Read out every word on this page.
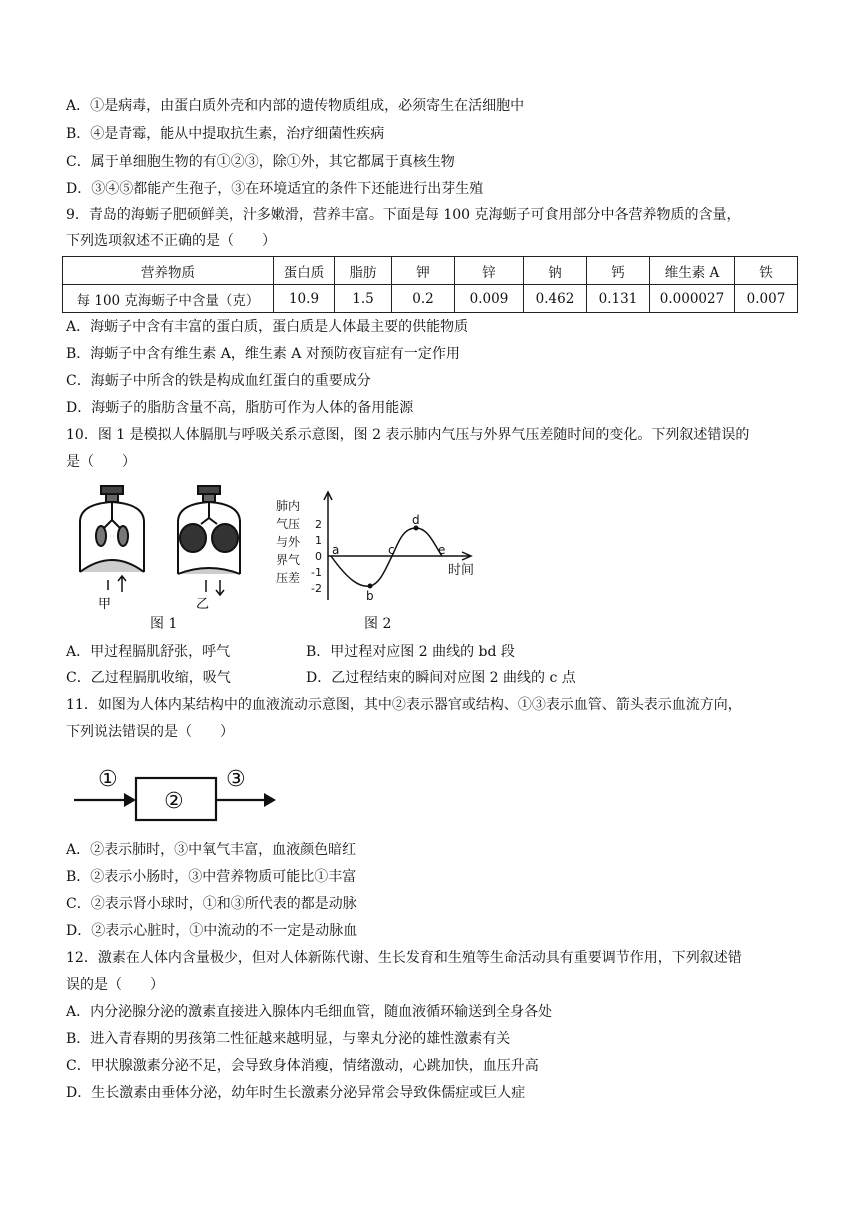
A．①是病毒，由蛋白质外壳和内部的遗传物质组成，必须寄生在活细胞中
B．④是青霉，能从中提取抗生素，治疗细菌性疾病
C．属于单细胞生物的有①②③，除①外，其它都属于真核生物
D．③④⑤都能产生孢子，③在环境适宜的条件下还能进行出芽生殖
9．青岛的海蛎子肥硕鲜美，汁多嫩滑，营养丰富。下面是每 100 克海蛎子可食用部分中各营养物质的含量，
下列选项叙述不正确的是（　　）
营养物质	蛋白质	脂肪	钾	锌	钠	钙	维生素 A	铁
每 100 克海蛎子中含量（克）	10.9	1.5	0.2	0.009	0.462	0.131	0.000027	0.007
A．海蛎子中含有丰富的蛋白质，蛋白质是人体最主要的供能物质
B．海蛎子中含有维生素 A，维生素 A 对预防夜盲症有一定作用
C．海蛎子中所含的铁是构成血红蛋白的重要成分
D．海蛎子的脂肪含量不高，脂肪可作为人体的备用能源
10．图 1 是模拟人体膈肌与呼吸关系示意图，图 2 表示肺内气压与外界气压差随时间的变化。下列叙述错误的
是（　　）
甲	乙
图 1
肺内
气压
与外
界气
压差
2
1
0
-1
-2
a
b
c
d
e
时间
图 2
A．甲过程膈肌舒张，呼气	B．甲过程对应图 2 曲线的 bd 段
C．乙过程膈肌收缩，吸气	D．乙过程结束的瞬间对应图 2 曲线的 c 点
11．如图为人体内某结构中的血液流动示意图，其中②表示器官或结构、①③表示血管、箭头表示血流方向，
下列说法错误的是（　　）
①
②
③
A．②表示肺时，③中氧气丰富，血液颜色暗红
B．②表示小肠时，③中营养物质可能比①丰富
C．②表示肾小球时，①和③所代表的都是动脉
D．②表示心脏时，①中流动的不一定是动脉血
12．激素在人体内含量极少，但对人体新陈代谢、生长发育和生殖等生命活动具有重要调节作用，下列叙述错
误的是（　　）
A．内分泌腺分泌的激素直接进入腺体内毛细血管，随血液循环输送到全身各处
B．进入青春期的男孩第二性征越来越明显，与睾丸分泌的雄性激素有关
C．甲状腺激素分泌不足，会导致身体消瘦，情绪激动，心跳加快，血压升高
D．生长激素由垂体分泌，幼年时生长激素分泌异常会导致侏儒症或巨人症
